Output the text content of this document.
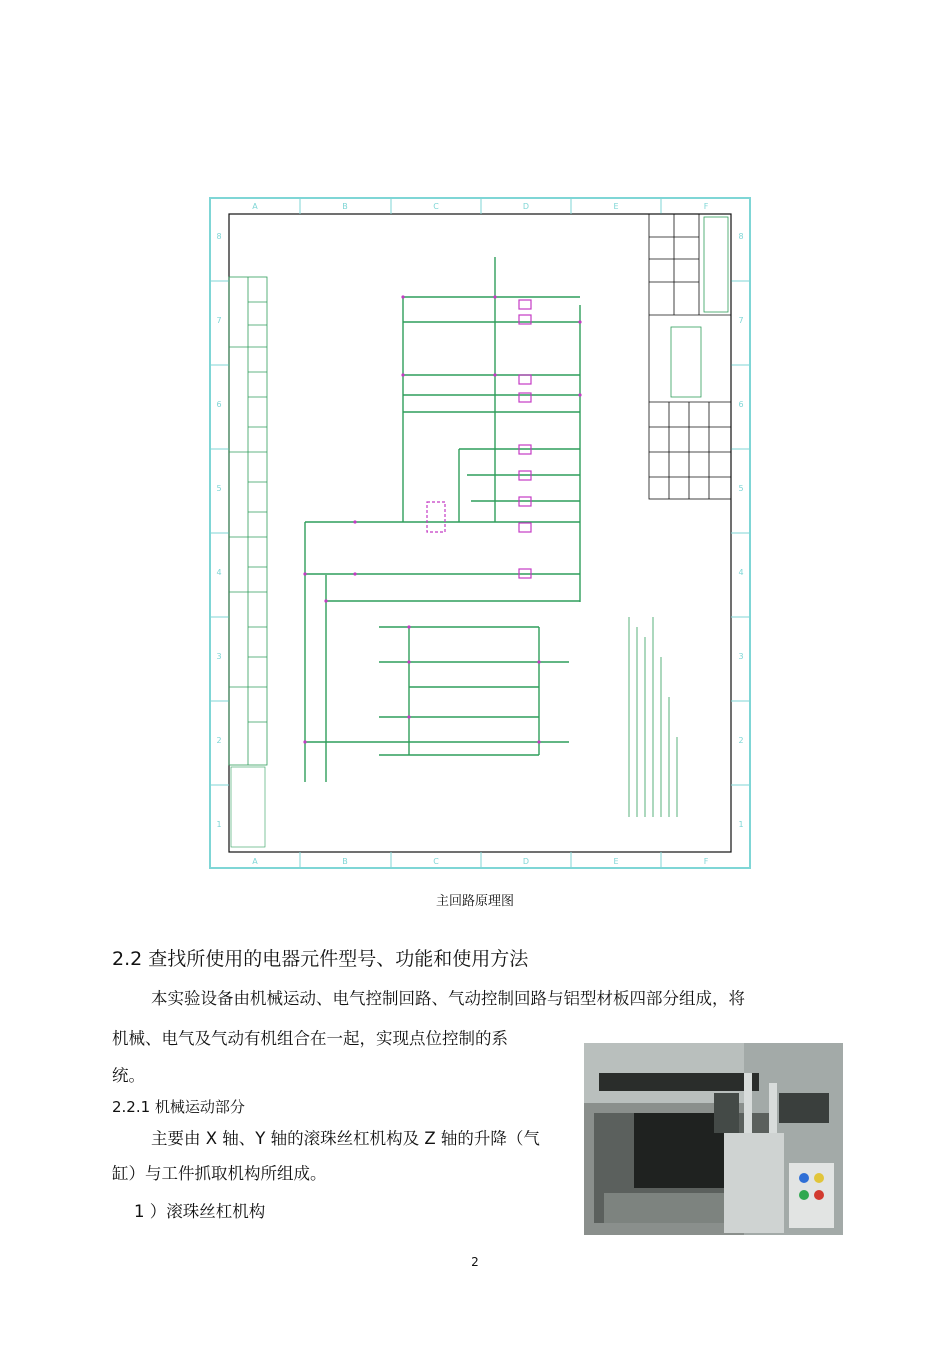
A	B	C	D	E	F
A	B	C	D	E	F
1
2
3
4
5
6
7
8
1
2
3
4
5
6
7
8
主回路原理图
2.2 查找所使用的电器元件型号、功能和使用方法
本实验设备由机械运动、电气控制回路、气动控制回路与铝型材板四部分组成，将
机械、电气及气动有机组合在一起，实现点位控制的系
统。
2.2.1 机械运动部分
主要由 X 轴、Y 轴的滚珠丝杠机构及 Z 轴的升降（气
缸）与工件抓取机构所组成。
1 ）滚珠丝杠机构
2
